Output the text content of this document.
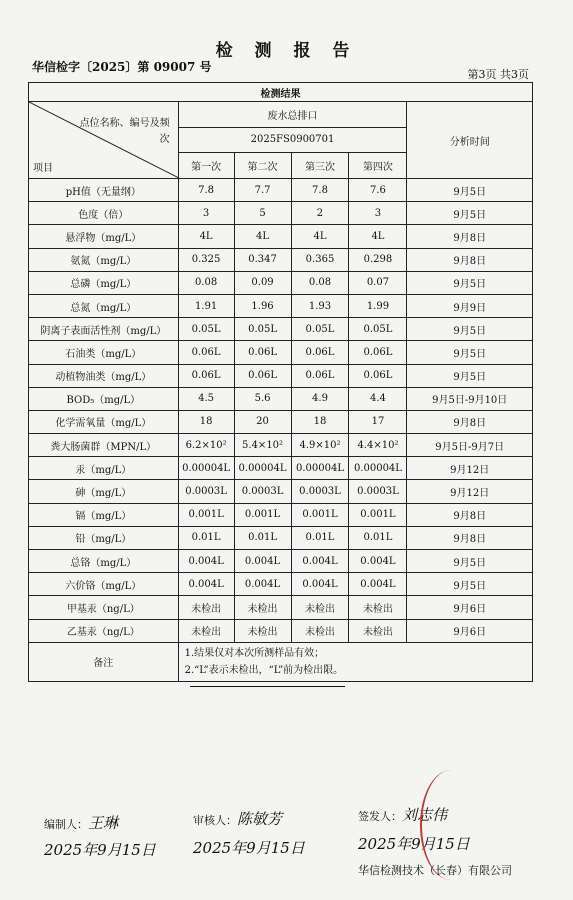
检 测 报 告
华信检字〔2025〕第 09007 号
第3页 共3页
检测结果					

点位名称、编号及频次
项目	废水总排口				分析时间
	2025FS0900701				
	第一次	第二次	第三次	第四次	
pH值（无量纲）	7.8	7.7	7.8	7.6	9月5日
色度（倍）	3	5	2	3	9月5日
悬浮物（mg/L）	4L	4L	4L	4L	9月8日
氨氮（mg/L）	0.325	0.347	0.365	0.298	9月8日
总磷（mg/L）	0.08	0.09	0.08	0.07	9月5日
总氮（mg/L）	1.91	1.96	1.93	1.99	9月9日
阴离子表面活性剂（mg/L）	0.05L	0.05L	0.05L	0.05L	9月5日
石油类（mg/L）	0.06L	0.06L	0.06L	0.06L	9月5日
动植物油类（mg/L）	0.06L	0.06L	0.06L	0.06L	9月5日
BOD₅（mg/L）	4.5	5.6	4.9	4.4	9月5日-9月10日
化学需氧量（mg/L）	18	20	18	17	9月8日
粪大肠菌群（MPN/L）	6.2×10²	5.4×10²	4.9×10²	4.4×10²	9月5日-9月7日
汞（mg/L）	0.00004L	0.00004L	0.00004L	0.00004L	9月12日
砷（mg/L）	0.0003L	0.0003L	0.0003L	0.0003L	9月12日
镉（mg/L）	0.001L	0.001L	0.001L	0.001L	9月8日
铅（mg/L）	0.01L	0.01L	0.01L	0.01L	9月8日
总铬（mg/L）	0.004L	0.004L	0.004L	0.004L	9月5日
六价铬（mg/L）	0.004L	0.004L	0.004L	0.004L	9月5日
甲基汞（ng/L）	未检出	未检出	未检出	未检出	9月6日
乙基汞（ng/L）	未检出	未检出	未检出	未检出	9月6日
备注	1.结果仅对本次所测样品有效；
2.“L”表示未检出，“L”前为检出限。				
编制人：王琳
2025年9月15日
审核人：陈敏芳
2025年9月15日
签发人：刘志伟
2025年9月15日
华信检测技术（长春）有限公司
